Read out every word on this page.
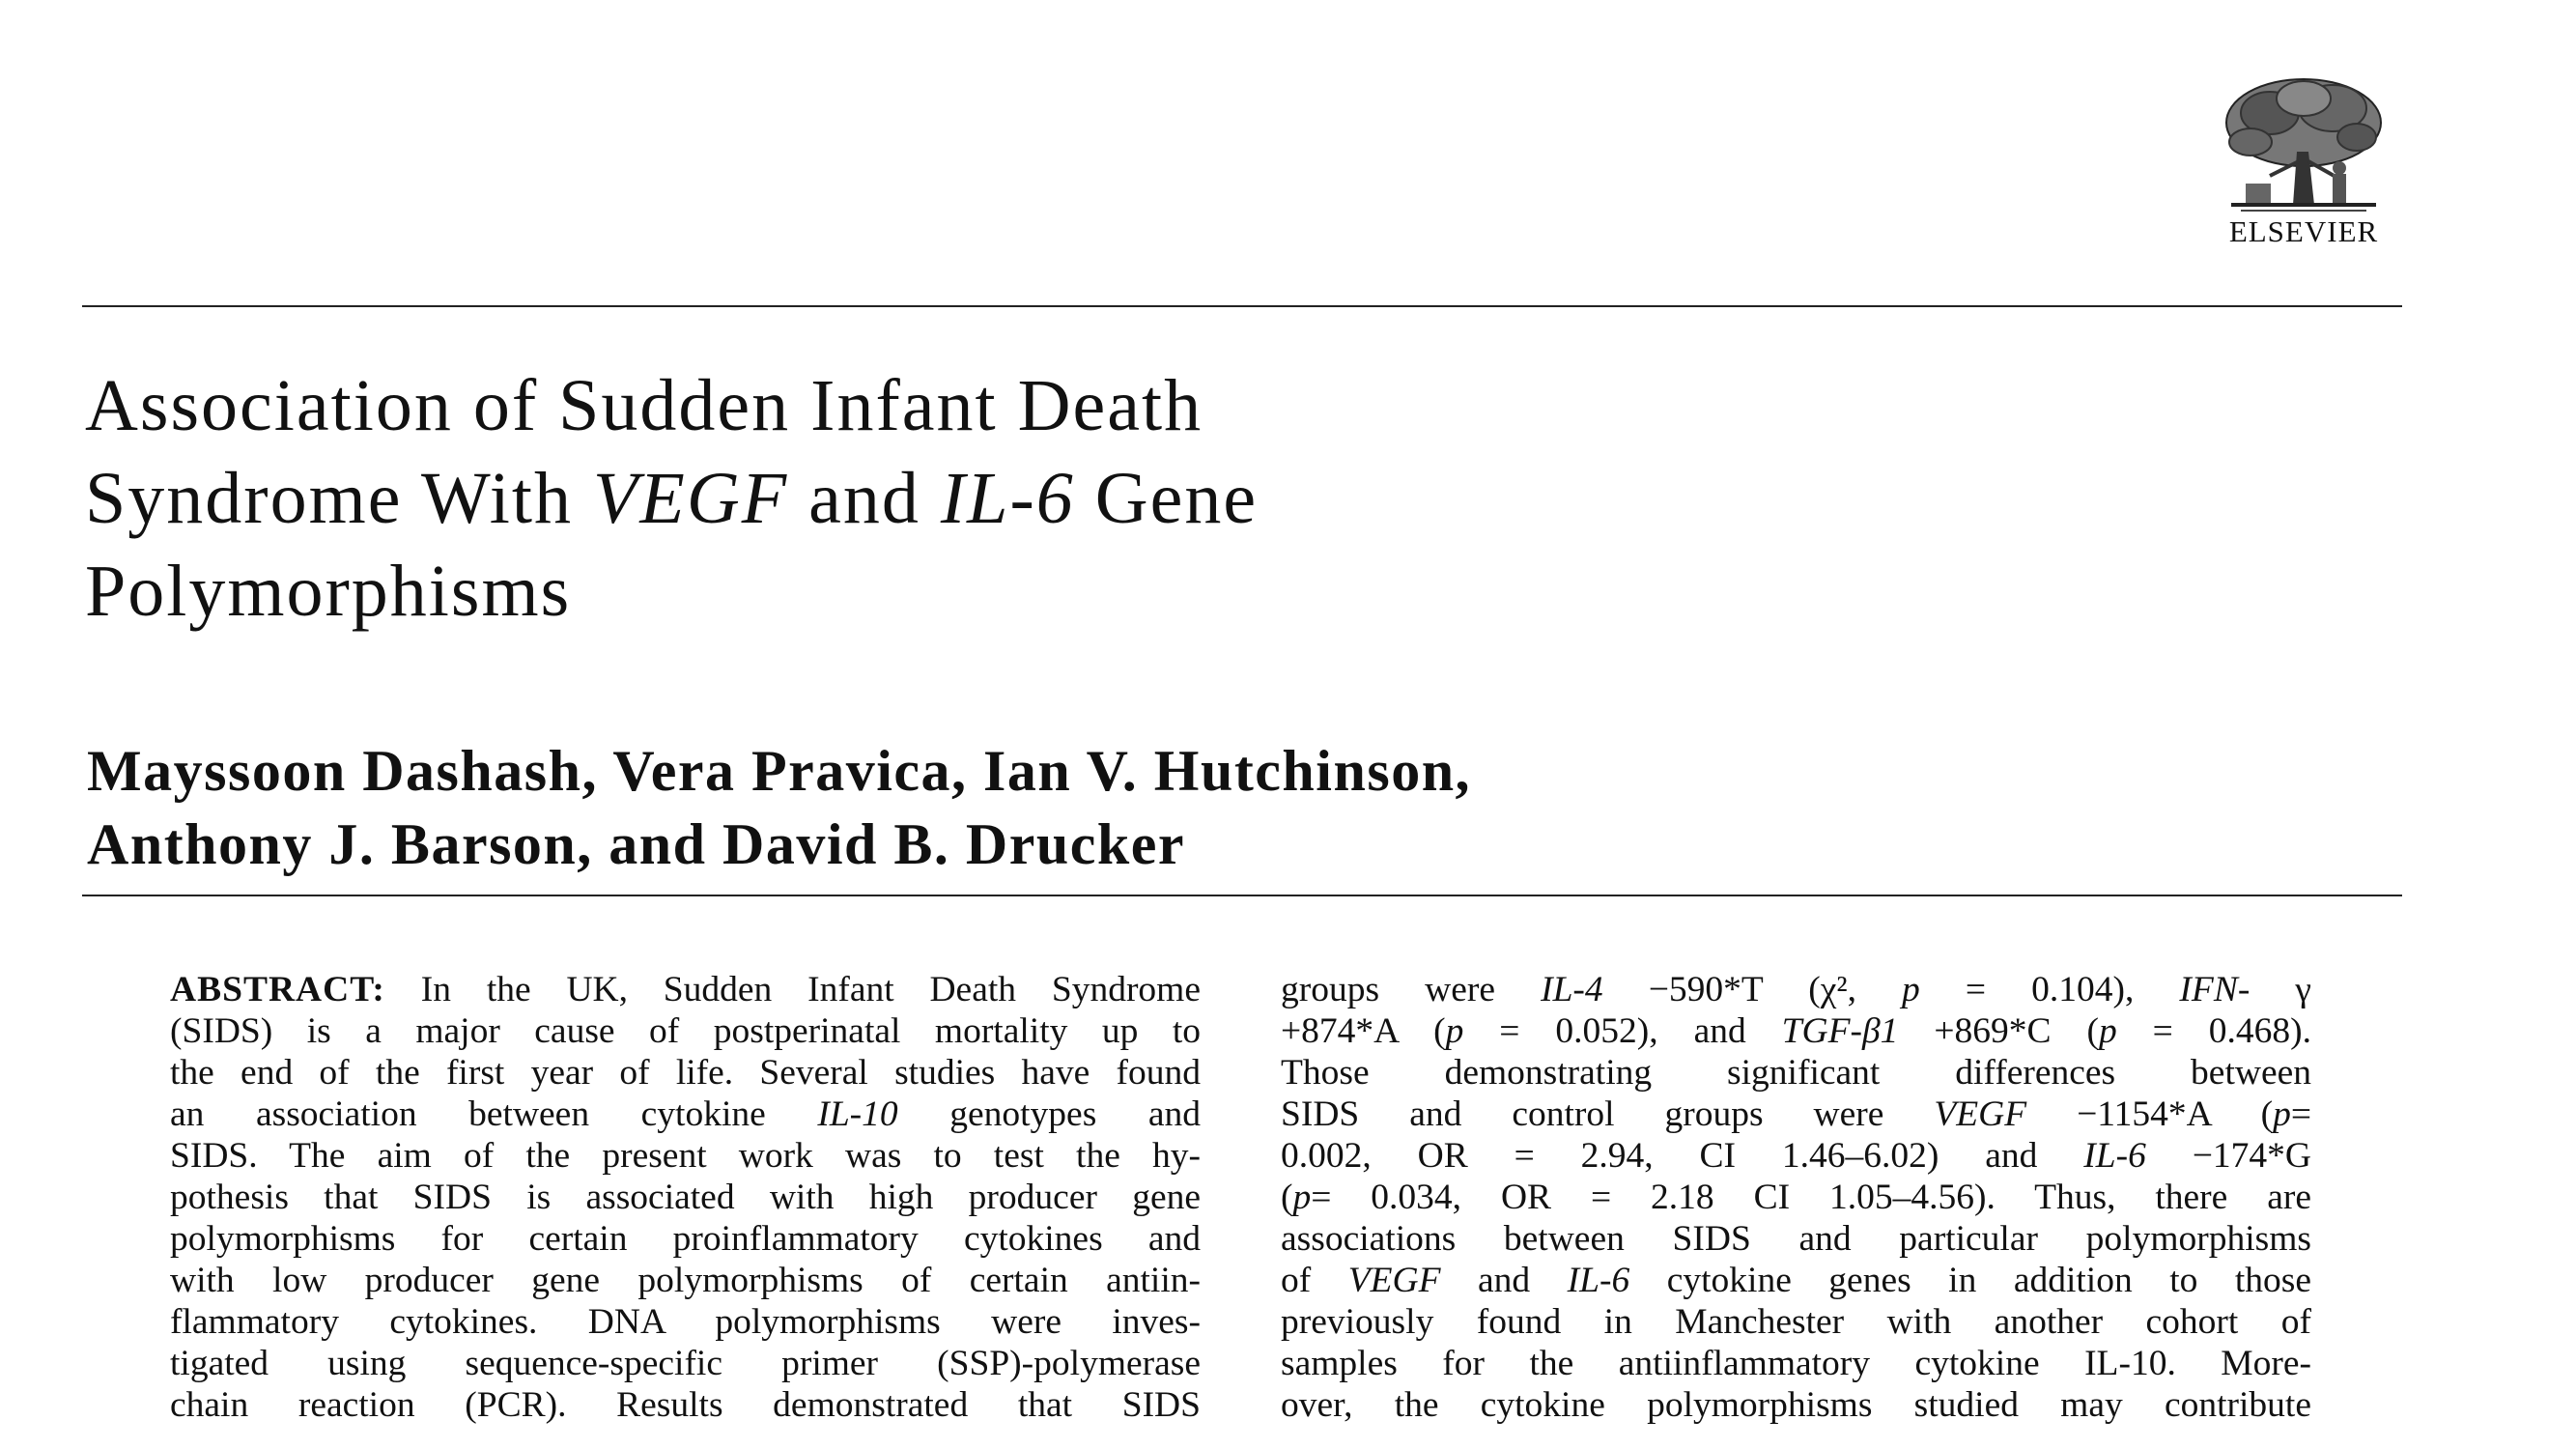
ELSEVIER
Association of Sudden Infant Death
Syndrome With VEGF and IL-6 Gene
Polymorphisms
Mayssoon Dashash, Vera Pravica, Ian V. Hutchinson,
Anthony J. Barson, and David B. Drucker
ABSTRACT: In the UK, Sudden Infant Death Syndrome
(SIDS) is a major cause of postperinatal mortality up to
the end of the first year of life. Several studies have found
an association between cytokine IL-10 genotypes and
SIDS. The aim of the present work was to test the hy-
pothesis that SIDS is associated with high producer gene
polymorphisms for certain proinflammatory cytokines and
with low producer gene polymorphisms of certain antiin-
flammatory cytokines. DNA polymorphisms were inves-
tigated using sequence-specific primer (SSP)-polymerase
chain reaction (PCR). Results demonstrated that SIDS
groups were IL-4 −590*T (χ², p = 0.104), IFN- γ
+874*A (p = 0.052), and TGF-β1 +869*C (p = 0.468).
Those demonstrating significant differences between
SIDS and control groups were VEGF −1154*A (p=
0.002, OR = 2.94, CI 1.46–6.02) and IL-6 −174*G
(p= 0.034, OR = 2.18 CI 1.05–4.56). Thus, there are
associations between SIDS and particular polymorphisms
of VEGF and IL-6 cytokine genes in addition to those
previously found in Manchester with another cohort of
samples for the antiinflammatory cytokine IL-10. More-
over, the cytokine polymorphisms studied may contribute
